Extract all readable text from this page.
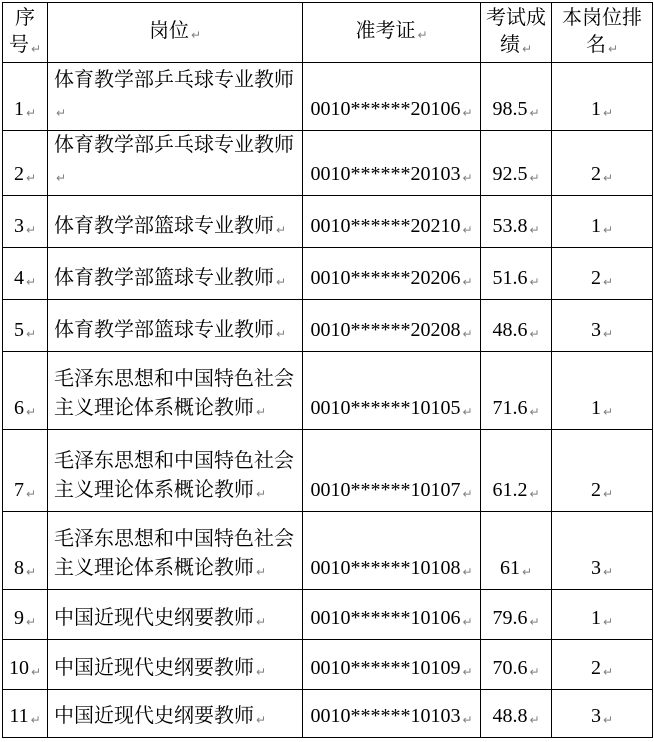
序号 ↵	岗位 ↵	准考证 ↵	考试成绩 ↵	本岗位排名 ↵
1 ↵	体育教学部乒乓球专业教师↵	0010******20106 ↵	98.5 ↵	1 ↵
2 ↵	体育教学部乒乓球专业教师↵	0010******20103 ↵	92.5 ↵	2 ↵
3 ↵	体育教学部篮球专业教师 ↵	0010******20210 ↵	53.8 ↵	1 ↵
4 ↵	体育教学部篮球专业教师 ↵	0010******20206 ↵	51.6 ↵	2 ↵
5 ↵	体育教学部篮球专业教师 ↵	0010******20208 ↵	48.6 ↵	3 ↵
6 ↵	毛泽东思想和中国特色社会主义理论体系概论教师 ↵	0010******10105 ↵	71.6 ↵	1 ↵
7 ↵	毛泽东思想和中国特色社会主义理论体系概论教师 ↵	0010******10107 ↵	61.2 ↵	2 ↵
8 ↵	毛泽东思想和中国特色社会主义理论体系概论教师 ↵	0010******10108 ↵	61 ↵	3 ↵
9 ↵	中国近现代史纲要教师 ↵	0010******10106 ↵	79.6 ↵	1 ↵
10 ↵	中国近现代史纲要教师 ↵	0010******10109 ↵	70.6 ↵	2 ↵
11 ↵	中国近现代史纲要教师 ↵	0010******10103 ↵	48.8 ↵	3 ↵
